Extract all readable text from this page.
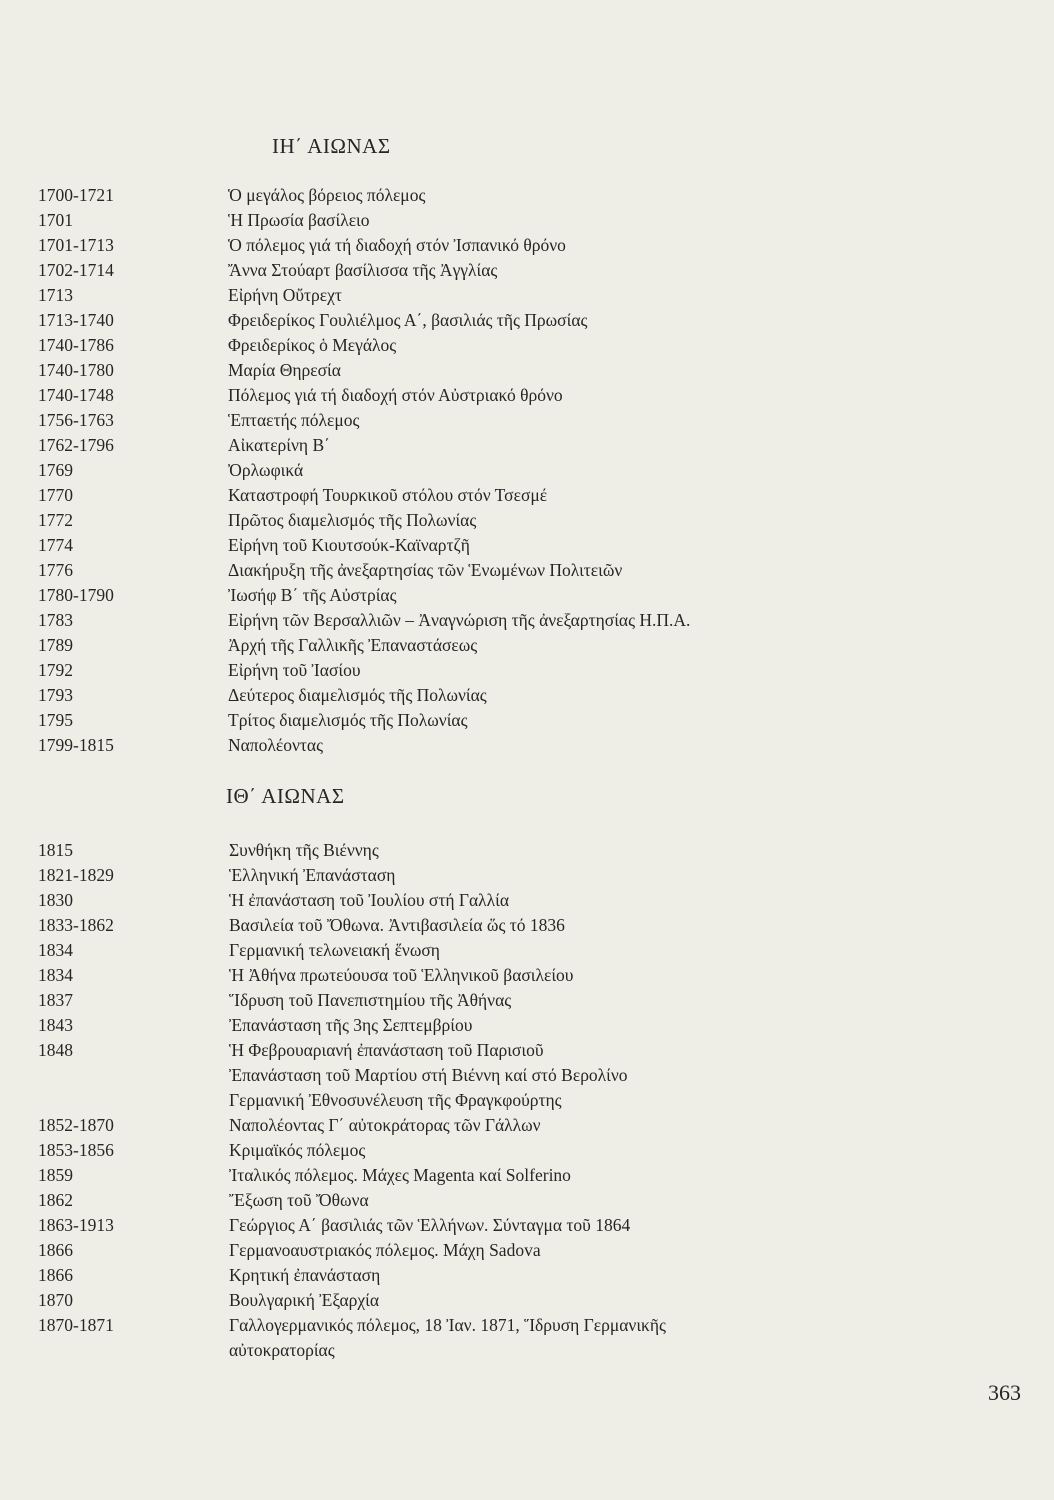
ΙΗ΄ ΑΙΩΝΑΣ
1700-1721	Ὁ μεγάλος βόρειος πόλεμος
1701	Ἡ Πρωσία βασίλειο
1701-1713	Ὁ πόλεμος γιά τή διαδοχή στόν Ἰσπανικό θρόνο
1702-1714	Ἄννα Στούαρτ βασίλισσα τῆς Ἀγγλίας
1713	Εἰρήνη Οὔτρεχτ
1713-1740	Φρειδερίκος Γουλιέλμος Α΄, βασιλιάς τῆς Πρωσίας
1740-1786	Φρειδερίκος ὁ Μεγάλος
1740-1780	Μαρία Θηρεσία
1740-1748	Πόλεμος γιά τή διαδοχή στόν Αὐστριακό θρόνο
1756-1763	Ἑπταετής πόλεμος
1762-1796	Αἰκατερίνη Β΄
1769	Ὀρλωφικά
1770	Καταστροφή Τουρκικοῦ στόλου στόν Τσεσμέ
1772	Πρῶτος διαμελισμός τῆς Πολωνίας
1774	Εἰρήνη τοῦ Κιουτσούκ-Καϊναρτζῆ
1776	Διακήρυξη τῆς ἀνεξαρτησίας τῶν Ἑνωμένων Πολιτειῶν
1780-1790	Ἰωσήφ Β΄ τῆς Αὐστρίας
1783	Εἰρήνη τῶν Βερσαλλιῶν – Ἀναγνώριση τῆς ἀνεξαρτησίας Η.Π.Α.
1789	Ἀρχή τῆς Γαλλικῆς Ἐπαναστάσεως
1792	Εἰρήνη τοῦ Ἰασίου
1793	Δεύτερος διαμελισμός τῆς Πολωνίας
1795	Τρίτος διαμελισμός τῆς Πολωνίας
1799-1815	Ναπολέοντας
ΙΘ΄ ΑΙΩΝΑΣ
1815	Συνθήκη τῆς Βιέννης
1821-1829	Ἑλληνική Ἐπανάσταση
1830	Ἡ ἐπανάσταση τοῦ Ἰουλίου στή Γαλλία
1833-1862	Βασιλεία τοῦ Ὄθωνα. Ἀντιβασιλεία ὥς τό 1836
1834	Γερμανική τελωνειακή ἕνωση
1834	Ἡ Ἀθήνα πρωτεύουσα τοῦ Ἑλληνικοῦ βασιλείου
1837	Ἵδρυση τοῦ Πανεπιστημίου τῆς Ἀθήνας
1843	Ἐπανάσταση τῆς 3ης Σεπτεμβρίου
1848	Ἡ Φεβρουαριανή ἐπανάσταση τοῦ Παρισιοῦ
Ἐπανάσταση τοῦ Μαρτίου στή Βιέννη καί στό Βερολίνο
Γερμανική Ἐθνοσυνέλευση τῆς Φραγκφούρτης
1852-1870	Ναπολέοντας Γ΄ αὐτοκράτορας τῶν Γάλλων
1853-1856	Κριμαϊκός πόλεμος
1859	Ἰταλικός πόλεμος. Μάχες Magenta καί Solferino
1862	Ἔξωση τοῦ Ὄθωνα
1863-1913	Γεώργιος Α΄ βασιλιάς τῶν Ἑλλήνων. Σύνταγμα τοῦ 1864
1866	Γερμανοαυστριακός πόλεμος. Μάχη Sadova
1866	Κρητική ἐπανάσταση
1870	Βουλγαρική Ἐξαρχία
1870-1871	Γαλλογερμανικός πόλεμος, 18 Ἰαν. 1871, Ἵδρυση Γερμανικῆς
αὐτοκρατορίας
363
